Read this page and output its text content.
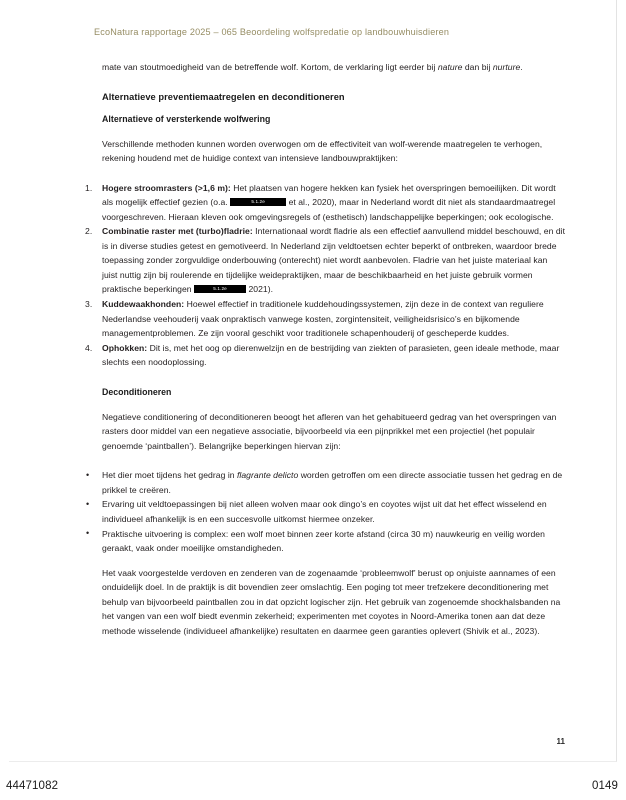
EcoNatura rapportage 2025 – 065 Beoordeling wolfspredatie op landbouwhuisdieren

mate van stoutmoedigheid van de betreffende wolf. Kortom, de verklaring ligt eerder bij nature dan bij nurture.

Alternatieve preventiemaatregelen en deconditioneren
Alternatieve of versterkende wolfwering

Verschillende methoden kunnen worden overwogen om de effectiviteit van wolf-werende maatregelen te verhogen, rekening houdend met de huidige context van intensieve landbouwpraktijken:

Hogere stroomrasters (>1,6 m): Het plaatsen van hogere hekken kan fysiek het overspringen bemoeilijken. Dit wordt als mogelijk effectief gezien (o.a.	5.1.2e et al., 2020), maar in Nederland wordt dit niet als standaardmaatregel voorgeschreven. Hieraan kleven ook omgevingsregels of (esthetisch) landschappelijke beperkingen; ook ecologische.
Combinatie raster met (turbo)fladrie: Internationaal wordt fladrie als een effectief aanvullend middel beschouwd, en dit is in diverse studies getest en gemotiveerd. In Nederland zijn veldtoetsen echter beperkt of ontbreken, waardoor brede toepassing zonder zorgvuldige onderbouwing (onterecht) niet wordt aanbevolen. Fladrie van het juiste materiaal kan juist nuttig zijn bij roulerende en tijdelijke weidepraktijken, maar de beschikbaarheid en het juiste gebruik vormen praktische beperkingen	5.1.2e 2021).
Kuddewaakhonden: Hoewel effectief in traditionele kuddehoudingssystemen, zijn deze in de context van reguliere Nederlandse veehouderij vaak onpraktisch vanwege kosten, zorgintensiteit, veiligheidsrisico’s en bijkomende managementproblemen. Ze zijn vooral geschikt voor traditionele schapenhouderij of gescheperde kuddes.
Ophokken: Dit is, met het oog op dierenwelzijn en de bestrijding van ziekten of parasieten, geen ideale methode, maar slechts een noodoplossing.
Deconditioneren

Negatieve conditionering of deconditioneren beoogt het afleren van het gehabitueerd gedrag van het overspringen van rasters door middel van een negatieve associatie, bijvoorbeeld via een pijnprikkel met een projectiel (het populair genoemde ‘paintballen’). Belangrijke beperkingen hiervan zijn:

• Het dier moet tijdens het gedrag in flagrante delicto worden getroffen om een directe associatie tussen het gedrag en de prikkel te creëren.
• Ervaring uit veldtoepassingen bij niet alleen wolven maar ook dingo’s en coyotes wijst uit dat het effect wisselend en individueel afhankelijk is en een succesvolle uitkomst hiermee onzeker.
• Praktische uitvoering is complex: een wolf moet binnen zeer korte afstand (circa 30 m) nauwkeurig en veilig worden geraakt, vaak onder moeilijke omstandigheden.

Het vaak voorgestelde verdoven en zenderen van de zogenaamde ‘probleemwolf’ berust op onjuiste aannames of een onduidelijk doel. In de praktijk is dit bovendien zeer omslachtig. Een poging tot meer trefzekere deconditionering met behulp van bijvoorbeeld paintballen zou in dat opzicht logischer zijn. Het gebruik van zogenoemde shockhalsbanden na het vangen van een wolf biedt evenmin zekerheid; experimenten met coyotes in Noord-Amerika tonen aan dat deze methode wisselende (individueel afhankelijke) resultaten en daarmee geen garanties oplevert (Shivik et al., 2023).

11
44471082	0149
